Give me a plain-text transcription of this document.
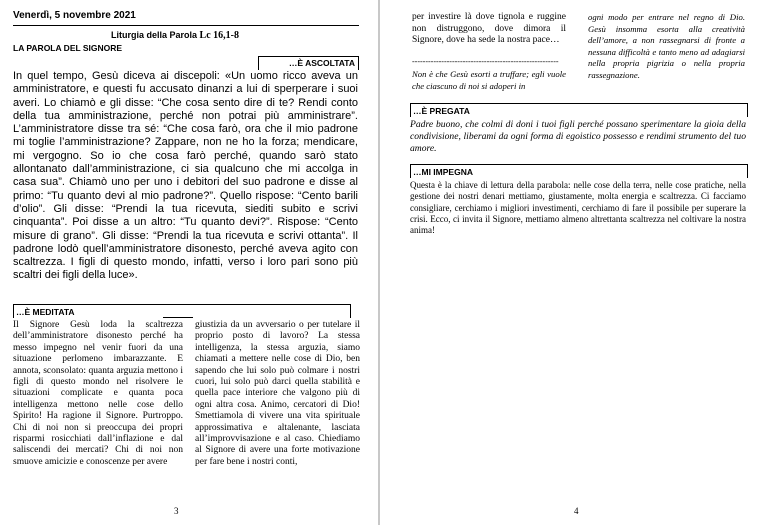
Venerdì, 5 novembre 2021
Liturgia della Parola Lc 16,1-8
LA PAROLA DEL SIGNORE
…È ASCOLTATA
In quel tempo, Gesù diceva ai discepoli: «Un uomo ricco aveva un amministratore, e questi fu accusato dinanzi a lui di sperperare i suoi averi. Lo chiamò e gli disse: “Che cosa sento dire di te? Rendi conto della tua amministrazione, perché non potrai più amministrare”. L’amministratore disse tra sé: “Che cosa farò, ora che il mio padrone mi toglie l’amministrazione? Zappare, non ne ho la forza; mendicare, mi vergogno. So io che cosa farò perché, quando sarò stato allontanato dall’amministrazione, ci sia qualcuno che mi accolga in casa sua”. Chiamò uno per uno i debitori del suo padrone e disse al primo: “Tu quanto devi al mio padrone?”. Quello rispose: “Cento barili d’olio”. Gli disse: “Prendi la tua ricevuta, siediti subito e scrivi cinquanta”. Poi disse a un altro: “Tu quanto devi?”. Rispose: “Cento misure di grano”. Gli disse: “Prendi la tua ricevuta e scrivi ottanta”. Il padrone lodò quell’amministratore disonesto, perché aveva agito con scaltrezza. I figli di questo mondo, infatti, verso i loro pari sono più scaltri dei figli della luce».
…È MEDITATA
Il Signore Gesù loda la scaltrezza dell’amministratore disonesto perché ha messo impegno nel venir fuori da una situazione perlomeno imbarazzante. E annota, sconsolato: quanta arguzia mettono i figli di questo mondo nel risolvere le situazioni complicate e quanta poca intelligenza mettono nelle cose dello Spirito! Ha ragione il Signore. Purtroppo. Chi di noi non si preoccupa dei propri risparmi rosicchiati dall’inflazione e dal saliscendi dei mercati? Chi di noi non smuove amicizie e conoscenze per avere
giustizia da un avversario o per tutelare il proprio posto di lavoro? La stessa intelligenza, la stessa arguzia, siamo chiamati a mettere nelle cose di Dio, ben sapendo che lui solo può colmare i nostri cuori, lui solo può darci quella stabilità e quella pace interiore che valgono più di ogni altra cosa. Animo, cercatori di Dio! Smettiamola di vivere una vita spirituale approssimativa e altalenante, lasciata all’improvvisazione e al caso. Chiediamo al Signore di avere una forte motivazione per fare bene i nostri conti,
3
per investire là dove tignola e ruggine non distruggono, dove dimora il Signore, dove ha sede la nostra pace…
-------------------------------------------------------
Non è che Gesù esorti a truffare; egli vuole che ciascuno di noi si adoperi in
ogni modo per entrare nel regno di Dio. Gesù insomma esorta alla creatività dell’amore, a non rassegnarsi di fronte a nessuna difficoltà e tanto meno ad adagiarsi nella propria pigrizia o nella propria rassegnazione.
…È PREGATA
Padre buono, che colmi di doni i tuoi figli perché possano sperimentare la gioia della condivisione, liberami da ogni forma di egoistico possesso e rendimi strumento del tuo amore.
…MI IMPEGNA
Questa è la chiave di lettura della parabola: nelle cose della terra, nelle cose pratiche, nella gestione dei nostri denari mettiamo, giustamente, molta energia e scaltrezza. Ci facciamo consigliare, cerchiamo i migliori investimenti, cerchiamo di fare il possibile per superare la crisi. Ecco, ci invita il Signore, mettiamo almeno altrettanta scaltrezza nel coltivare la nostra anima!
4
